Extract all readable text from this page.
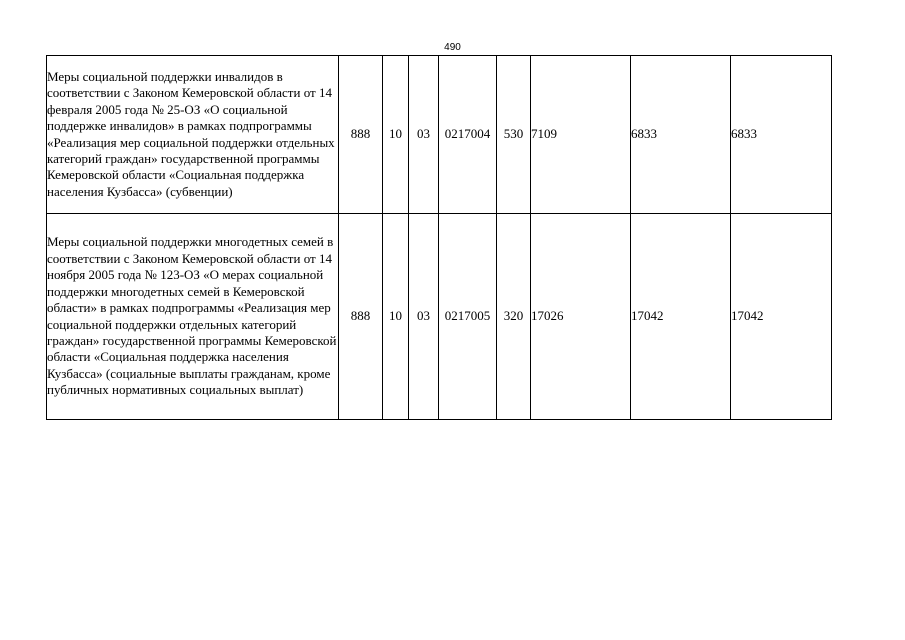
490
Меры социальной поддержки инвалидов в соответствии с Законом Кемеровской области от 14 февраля 2005 года № 25-ОЗ «О социальной поддержке инвалидов» в рамках подпрограммы «Реализация мер социальной поддержки отдельных категорий граждан» государственной программы Кемеровской области «Социальная поддержка населения Кузбасса» (субвенции)	888	10	03	0217004	530	7109	6833	6833
Меры социальной поддержки многодетных семей в соответствии с Законом Кемеровской области от 14 ноября 2005 года № 123-ОЗ «О мерах социальной поддержки многодетных семей в Кемеровской области» в рамках подпрограммы «Реализация мер социальной поддержки отдельных категорий граждан» государственной программы Кемеровской области «Социальная поддержка населения Кузбасса» (социальные выплаты гражданам, кроме публичных нормативных социальных выплат)	888	10	03	0217005	320	17026	17042	17042
